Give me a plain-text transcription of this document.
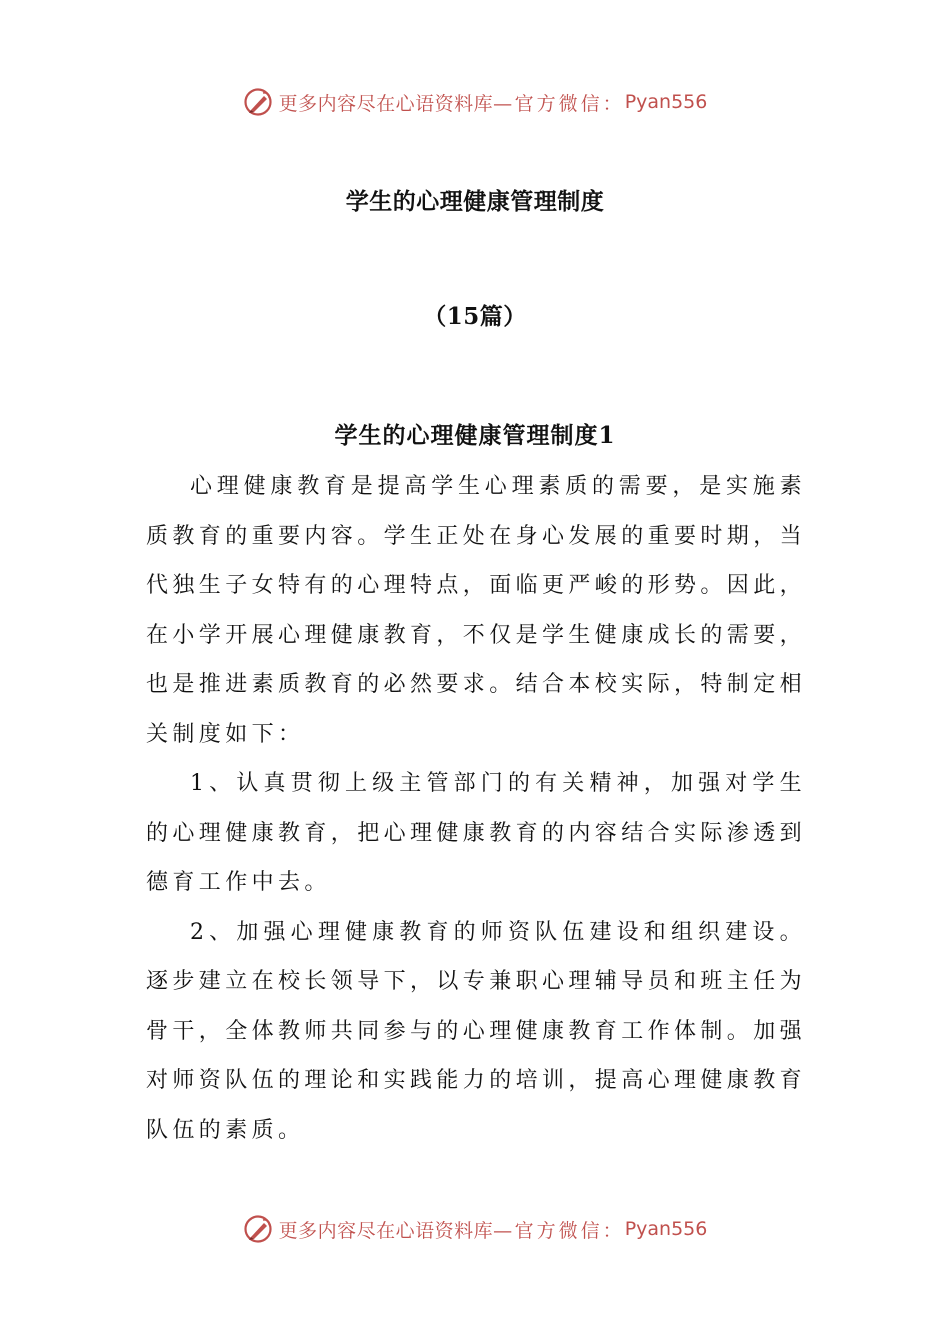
更多内容尽在心语资料库— 官方微信： Pyan556
学生的心理健康管理制度
（15篇）
学生的心理健康管理制度1

心理健康教育是提高学生心理素质的需要，是实施素质教育的重要内容。学生正处在身心发展的重要时期，当代独生子女特有的心理特点，面临更严峻的形势。因此，在小学开展心理健康教育，不仅是学生健康成长的需要，也是推进素质教育的必然要求。结合本校实际，特制定相关制度如下：

1、认真贯彻上级主管部门的有关精神，加强对学生的心理健康教育，把心理健康教育的内容结合实际渗透到德育工作中去。

2、加强心理健康教育的师资队伍建设和组织建设。逐步建立在校长领导下，以专兼职心理辅导员和班主任为骨干，全体教师共同参与的心理健康教育工作体制。加强对师资队伍的理论和实践能力的培训，提高心理健康教育队伍的素质。

更多内容尽在心语资料库— 官方微信： Pyan556
